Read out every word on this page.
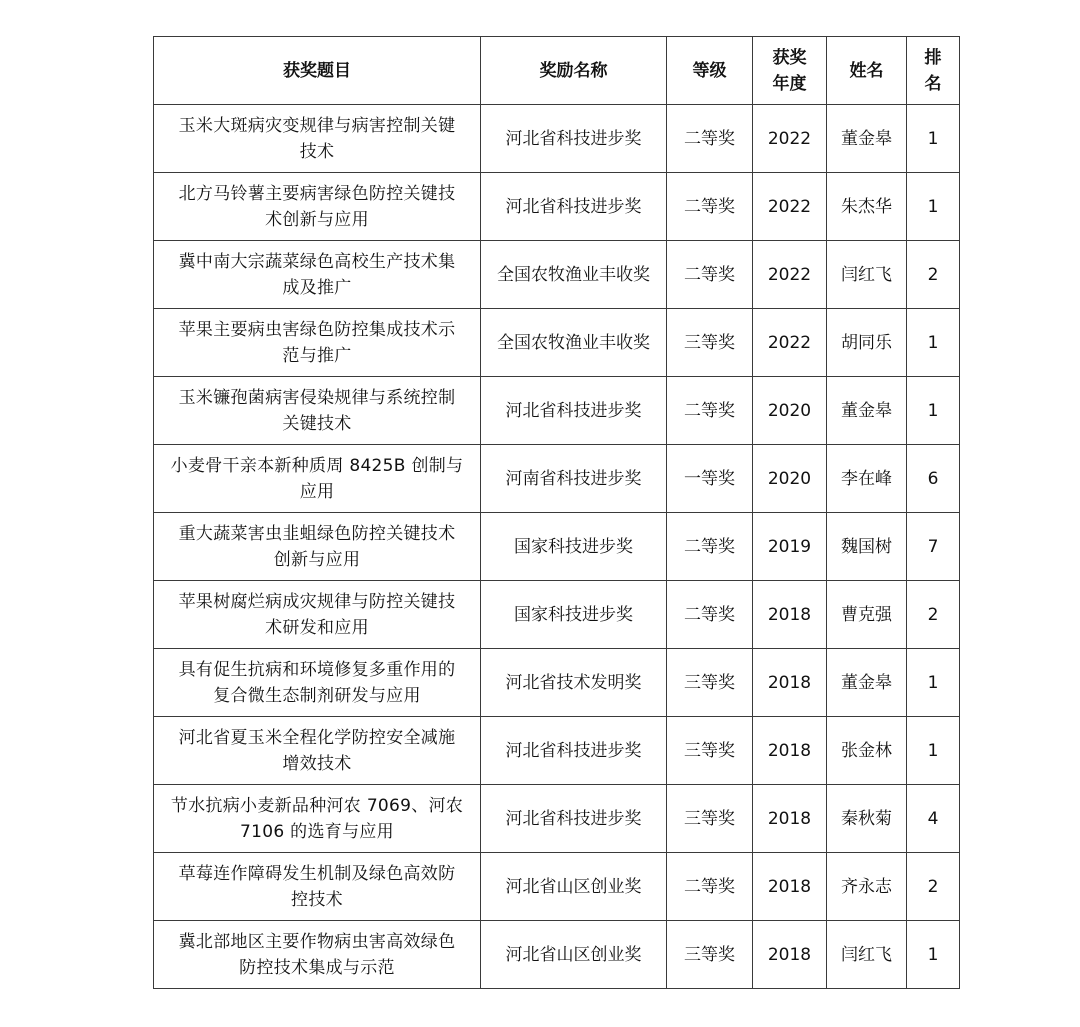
获奖题目	奖励名称	等级	获奖
年度	姓名	排
名

玉米大斑病灾变规律与病害控制关键
技术	河北省科技进步奖	二等奖	2022	董金皋	1

北方马铃薯主要病害绿色防控关键技
术创新与应用	河北省科技进步奖	二等奖	2022	朱杰华	1

冀中南大宗蔬菜绿色高校生产技术集
成及推广	全国农牧渔业丰收奖	二等奖	2022	闫红飞	2

苹果主要病虫害绿色防控集成技术示
范与推广	全国农牧渔业丰收奖	三等奖	2022	胡同乐	1

玉米镰孢菌病害侵染规律与系统控制
关键技术	河北省科技进步奖	二等奖	2020	董金皋	1

小麦骨干亲本新种质周 8425B 创制与
应用	河南省科技进步奖	一等奖	2020	李在峰	6

重大蔬菜害虫韭蛆绿色防控关键技术
创新与应用	国家科技进步奖	二等奖	2019	魏国树	7

苹果树腐烂病成灾规律与防控关键技
术研发和应用	国家科技进步奖	二等奖	2018	曹克强	2

具有促生抗病和环境修复多重作用的
复合微生态制剂研发与应用	河北省技术发明奖	三等奖	2018	董金皋	1

河北省夏玉米全程化学防控安全减施
增效技术	河北省科技进步奖	三等奖	2018	张金林	1

节水抗病小麦新品种河农 7069、河农
7106 的选育与应用	河北省科技进步奖	三等奖	2018	秦秋菊	4

草莓连作障碍发生机制及绿色高效防
控技术	河北省山区创业奖	二等奖	2018	齐永志	2

冀北部地区主要作物病虫害高效绿色
防控技术集成与示范	河北省山区创业奖	三等奖	2018	闫红飞	1
